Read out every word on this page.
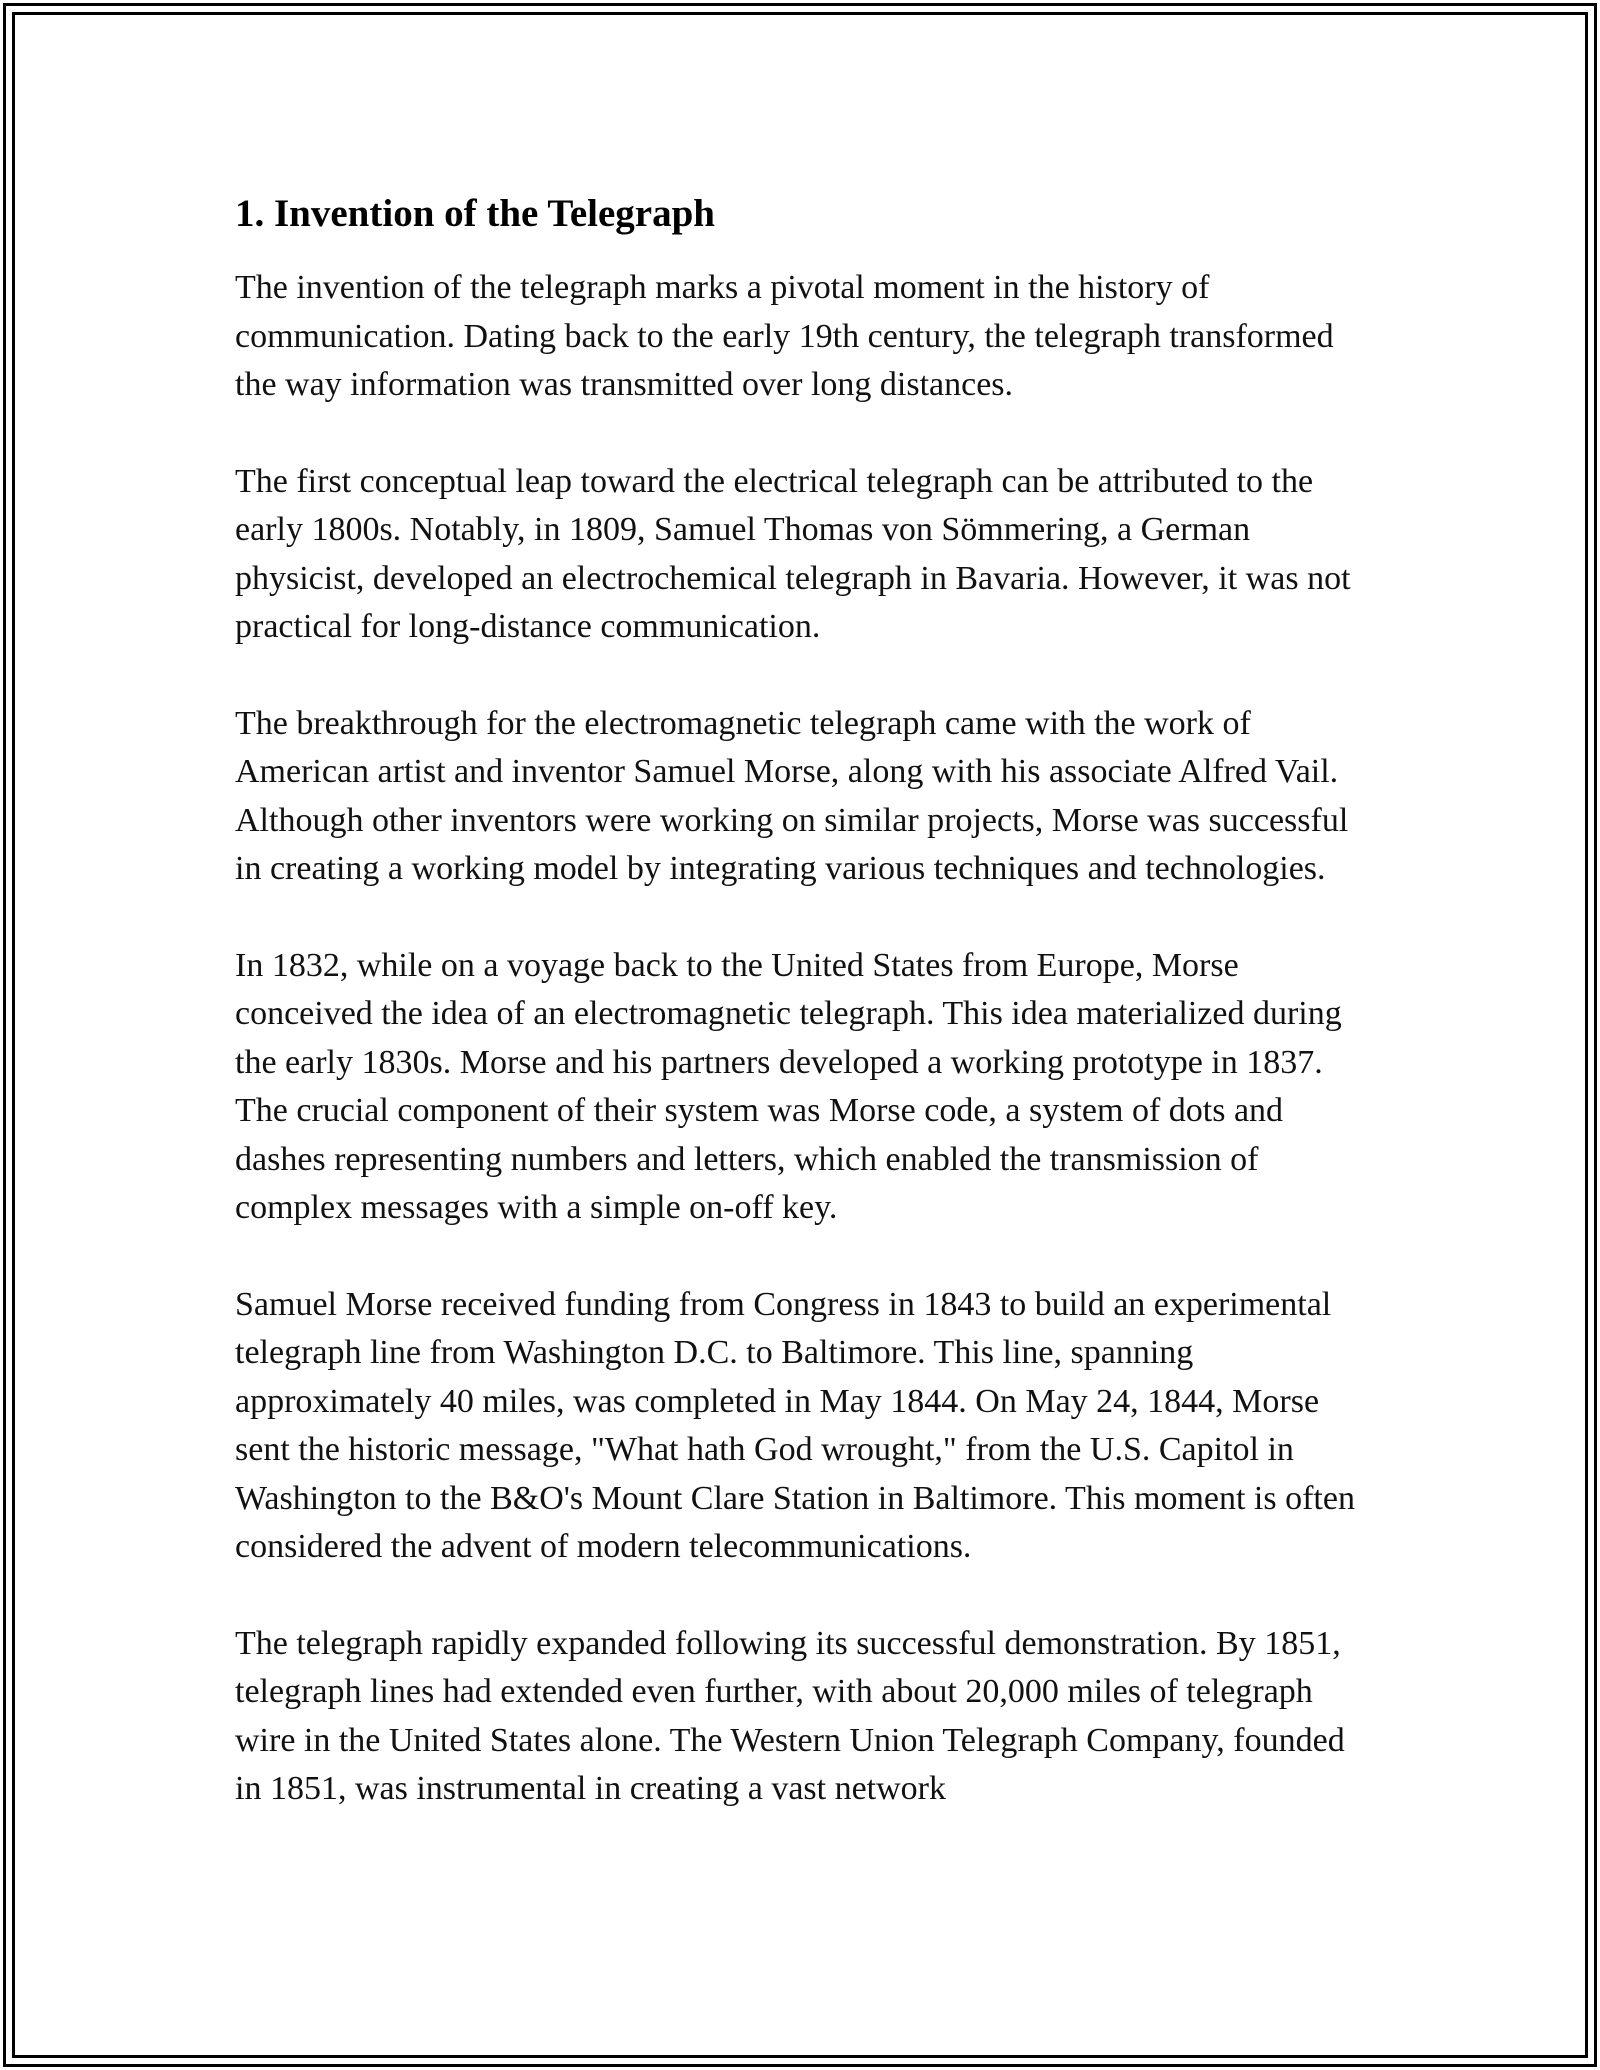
1. Invention of the Telegraph

The invention of the telegraph marks a pivotal moment in the history of communication. Dating back to the early 19th century, the telegraph transformed the way information was transmitted over long distances.

The first conceptual leap toward the electrical telegraph can be attributed to the early 1800s. Notably, in 1809, Samuel Thomas von Sömmering, a German physicist, developed an electrochemical telegraph in Bavaria. However, it was not practical for long-distance communication.

The breakthrough for the electromagnetic telegraph came with the work of American artist and inventor Samuel Morse, along with his associate Alfred Vail. Although other inventors were working on similar projects, Morse was successful in creating a working model by integrating various techniques and technologies.

In 1832, while on a voyage back to the United States from Europe, Morse conceived the idea of an electromagnetic telegraph. This idea materialized during the early 1830s. Morse and his partners developed a working prototype in 1837. The crucial component of their system was Morse code, a system of dots and dashes representing numbers and letters, which enabled the transmission of complex messages with a simple on-off key.

Samuel Morse received funding from Congress in 1843 to build an experimental telegraph line from Washington D.C. to Baltimore. This line, spanning approximately 40 miles, was completed in May 1844. On May 24, 1844, Morse sent the historic message, "What hath God wrought," from the U.S. Capitol in Washington to the B&O's Mount Clare Station in Baltimore. This moment is often considered the advent of modern telecommunications.

The telegraph rapidly expanded following its successful demonstration. By 1851, telegraph lines had extended even further, with about 20,000 miles of telegraph wire in the United States alone. The Western Union Telegraph Company, founded in 1851, was instrumental in creating a vast network
